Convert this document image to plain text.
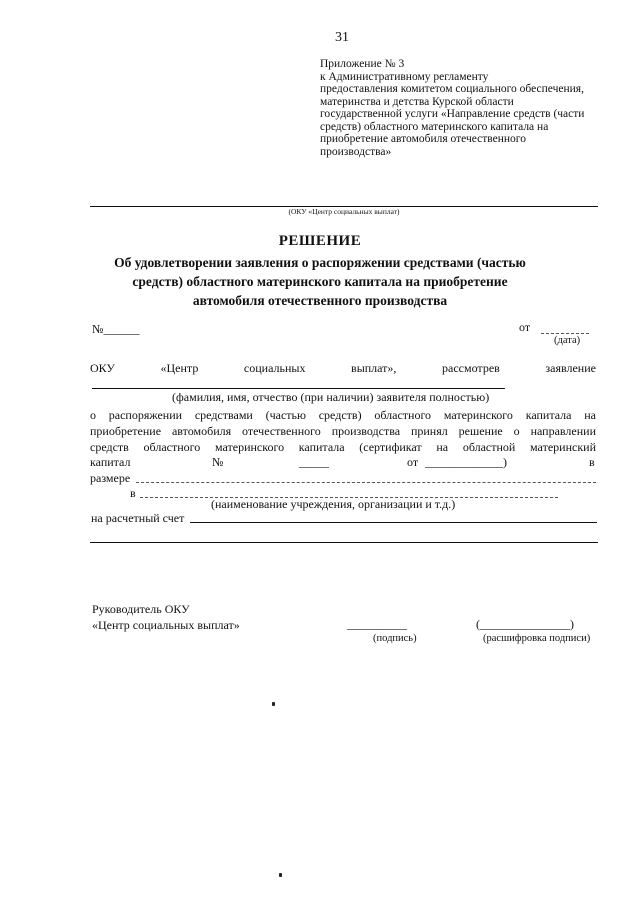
31
Приложение № 3
к Административному регламенту
предоставления комитетом социального обеспечения,
материнства и детства Курской области
государственной услуги «Направление средств (части
средств) областного материнского капитала на
приобретение автомобиля отечественного
производства»
(ОКУ «Центр социальных выплат)
РЕШЕНИЕ
Об удовлетворении заявления о распоряжении средствами (частью средств) областного материнского капитала на приобретение автомобиля отечественного производства
№______	от
(дата)
ОКУ	«Центр	социальных	выплат»,	рассмотрев	заявление
(фамилия, имя, отчество (при наличии) заявителя полностью)
о распоряжении средствами (частью средств) областного материнского капитала на
приобретение автомобиля отечественного производства принял решение о направлении
средств областного материнского капитала (сертификат на областной материнский
капитал	№	_____	от _____________)	в
размере
в
(наименование учреждения, организации и т.д.)
на расчетный счет
Руководитель ОКУ
«Центр социальных выплат»	__________
(подпись)
(_______________)
(расшифровка подписи)
